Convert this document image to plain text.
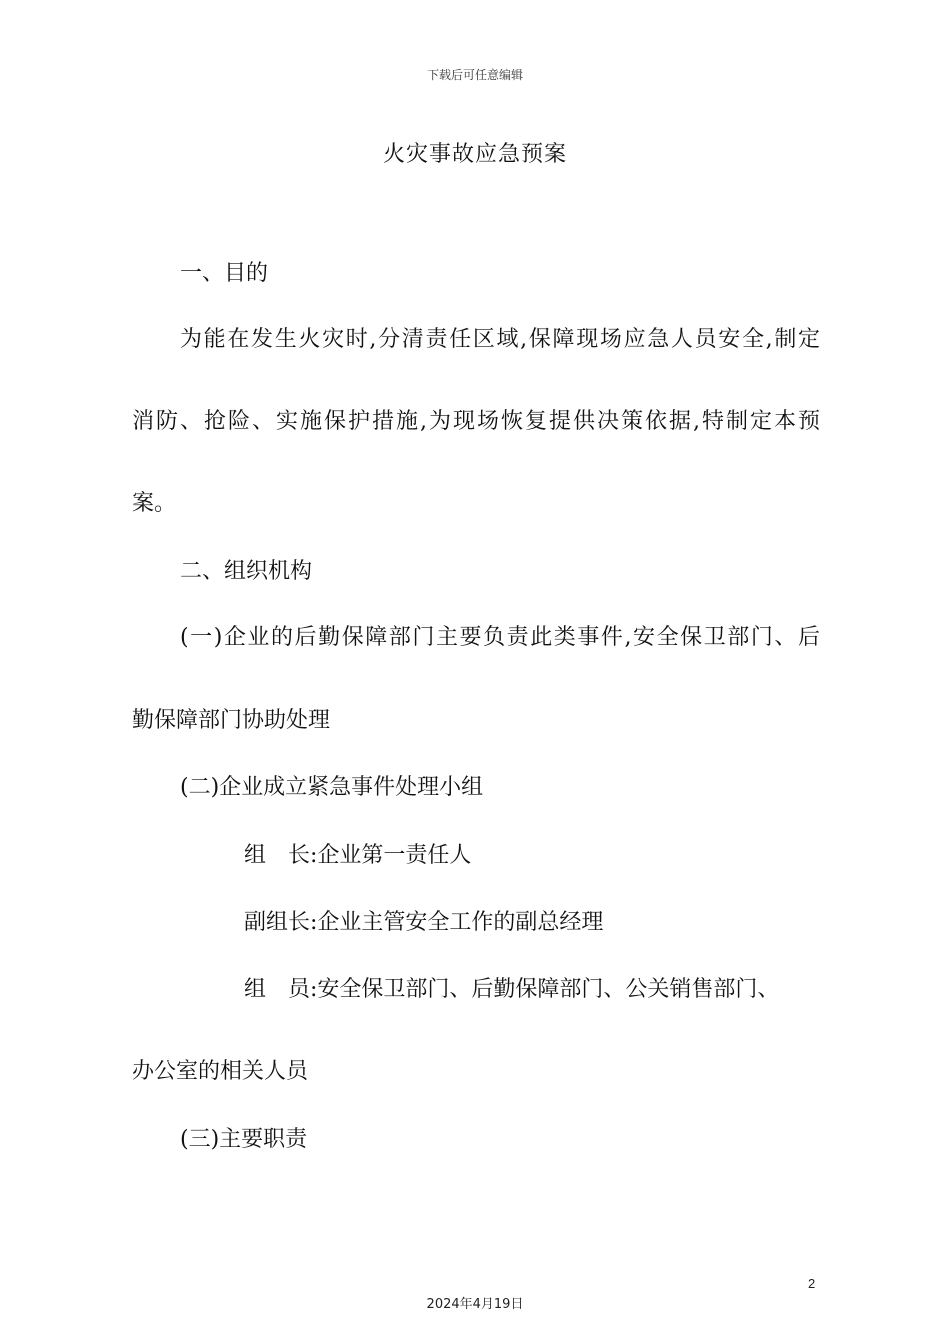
下载后可任意编辑
火灾事故应急预案

一、目的

为能在发生火灾时,分清责任区域,保障现场应急人员安全,制定

消防、抢险、实施保护措施,为现场恢复提供决策依据,特制定本预

案。

二、组织机构

(一)企业的后勤保障部门主要负责此类事件,安全保卫部门、后

勤保障部门协助处理

(二)企业成立紧急事件处理小组

组　长:企业第一责任人

副组长:企业主管安全工作的副总经理

组　员:安全保卫部门、后勤保障部门、公关销售部门、

办公室的相关人员

(三)主要职责

2
2024年4月19日
